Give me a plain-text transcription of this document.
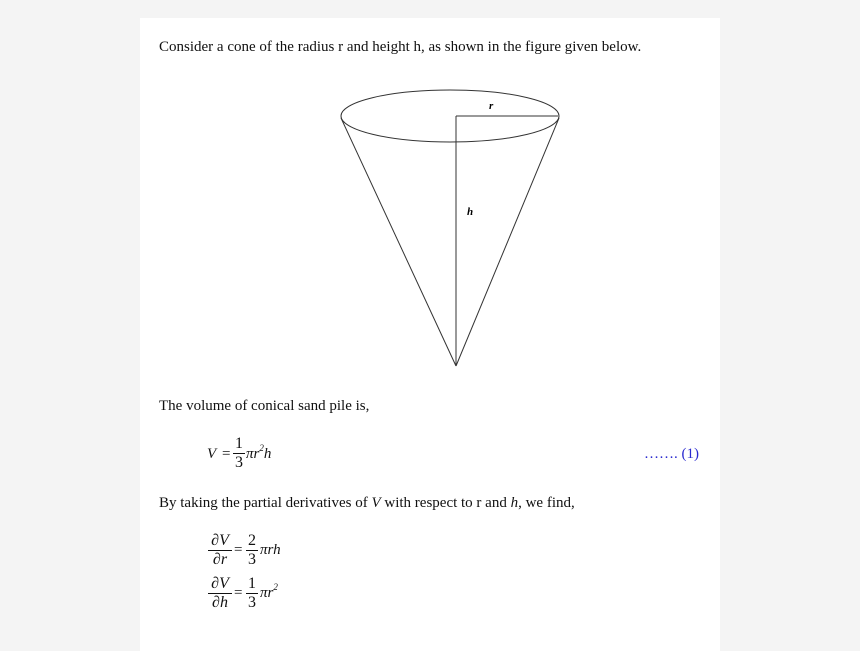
Consider a cone of the radius r and height h, as shown in the figure given below.
r
h
The volume of conical sand pile is,
V =
1
3 $\pi r^2h$	……. (1)
By taking the partial derivatives of V with respect to r and h, we find,
∂V
∂r
=
2
3
πrh
∂V
∂h
=
1
3
$\pi r^2$
